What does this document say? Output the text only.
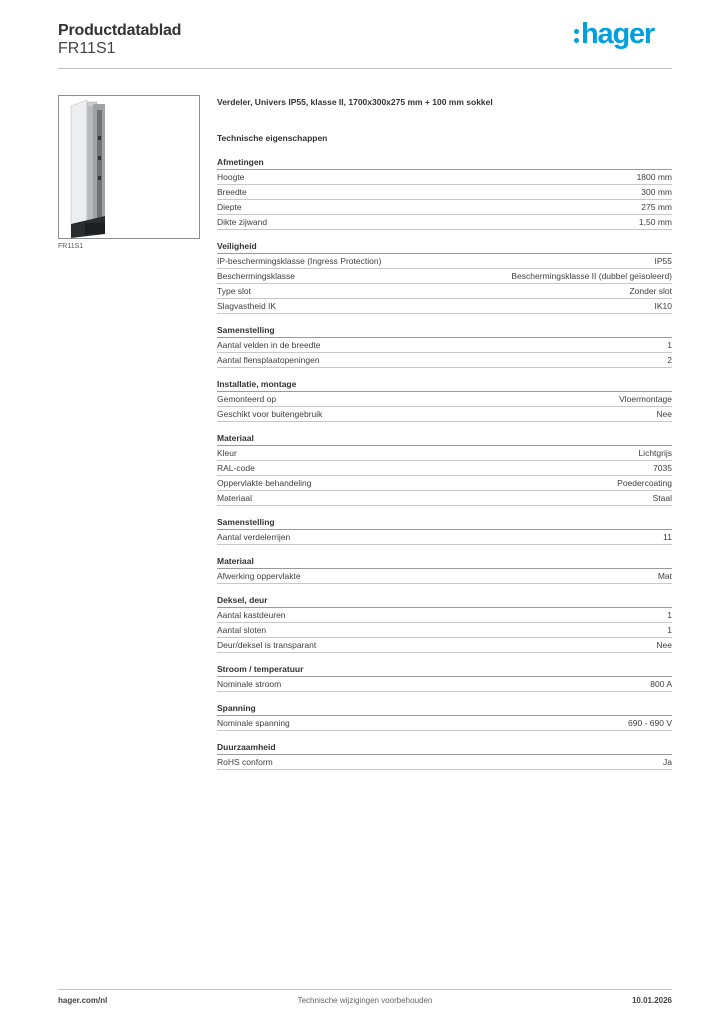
Productdatablad
FR11S1	hager
FR11S1
Verdeler, Univers IP55, klasse II, 1700x300x275 mm + 100 mm sokkel
Technische eigenschappen
Afmetingen
Hoogte	1800 mm
Breedte	300 mm
Diepte	275 mm
Dikte zijwand	1,50 mm
Veiligheid
IP-beschermingsklasse (Ingress Protection)	IP55
Beschermingsklasse	Beschermingsklasse II (dubbel geïsoleerd)
Type slot	Zonder slot
Slagvastheid IK	IK10
Samenstelling
Aantal velden in de breedte	1
Aantal flensplaatopeningen	2
Installatie, montage
Gemonteerd op	Vloermontage
Geschikt voor buitengebruik	Nee
Materiaal
Kleur	Lichtgrijs
RAL-code	7035
Oppervlakte behandeling	Poedercoating
Materiaal	Staal
Samenstelling
Aantal verdelerrijen	11
Materiaal
Afwerking oppervlakte	Mat
Deksel, deur
Aantal kastdeuren	1
Aantal sloten	1
Deur/deksel is transparant	Nee
Stroom / temperatuur
Nominale stroom	800 A
Spanning
Nominale spanning	690 - 690 V
Duurzaamheid
RoHS conform	Ja
Technische wijzigingen voorbehouden
hager.com/nl	10.01.2026
